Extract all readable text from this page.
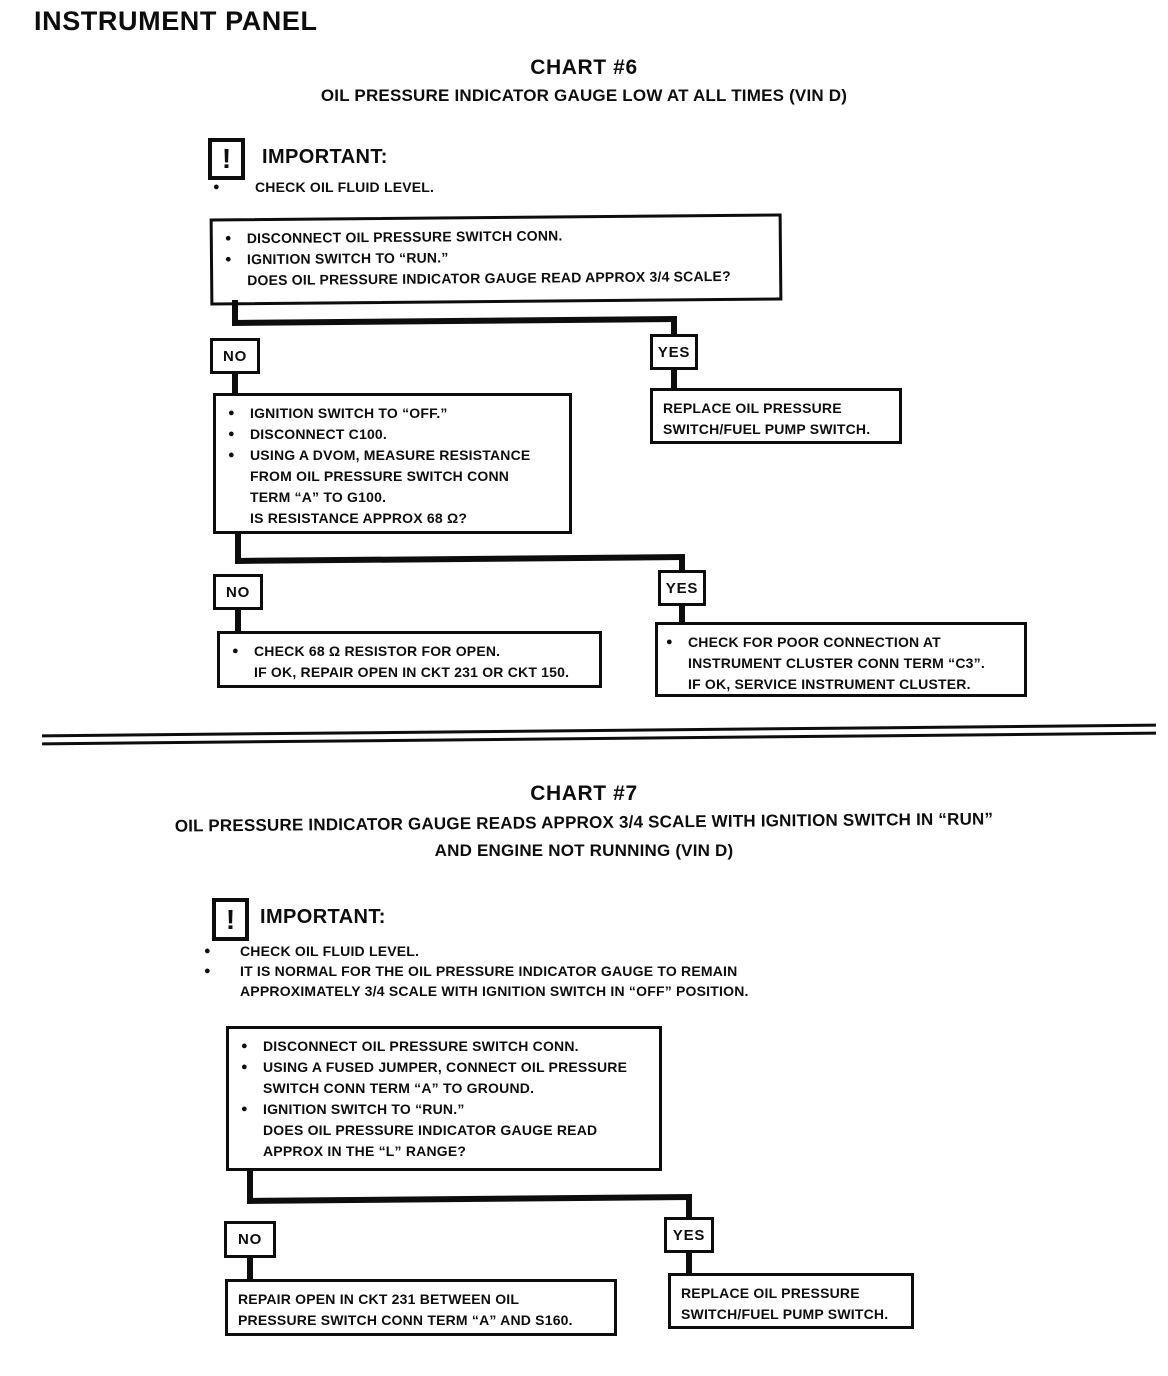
INSTRUMENT PANEL
CHART #6
OIL PRESSURE INDICATOR GAUGE LOW AT ALL TIMES (VIN D)
! IMPORTANT:
●
CHECK OIL FLUID LEVEL.
●
DISCONNECT OIL PRESSURE SWITCH CONN.
●
IGNITION SWITCH TO “RUN.”
DOES OIL PRESSURE INDICATOR GAUGE READ APPROX 3/4 SCALE?
NO	YES
REPLACE OIL PRESSURE
SWITCH/FUEL PUMP SWITCH.
●
IGNITION SWITCH TO “OFF.”
●
DISCONNECT C100.
●
USING A DVOM, MEASURE RESISTANCE
FROM OIL PRESSURE SWITCH CONN
TERM “A” TO G100.
IS RESISTANCE APPROX 68 Ω?
NO	YES
●
CHECK 68 Ω RESISTOR FOR OPEN.
IF OK, REPAIR OPEN IN CKT 231 OR CKT 150.
●
CHECK FOR POOR CONNECTION AT
INSTRUMENT CLUSTER CONN TERM “C3”.
IF OK, SERVICE INSTRUMENT CLUSTER.
CHART #7
OIL PRESSURE INDICATOR GAUGE READS APPROX 3/4 SCALE WITH IGNITION SWITCH IN “RUN”
AND ENGINE NOT RUNNING (VIN D)
! IMPORTANT:
●
CHECK OIL FLUID LEVEL.
●
IT IS NORMAL FOR THE OIL PRESSURE INDICATOR GAUGE TO REMAIN
APPROXIMATELY 3/4 SCALE WITH IGNITION SWITCH IN “OFF” POSITION.
●
DISCONNECT OIL PRESSURE SWITCH CONN.
●
USING A FUSED JUMPER, CONNECT OIL PRESSURE
SWITCH CONN TERM “A” TO GROUND.
●
IGNITION SWITCH TO “RUN.”
DOES OIL PRESSURE INDICATOR GAUGE READ
APPROX IN THE “L” RANGE?
NO	YES
REPAIR OPEN IN CKT 231 BETWEEN OIL
PRESSURE SWITCH CONN TERM “A” AND S160.
REPLACE OIL PRESSURE
SWITCH/FUEL PUMP SWITCH.
